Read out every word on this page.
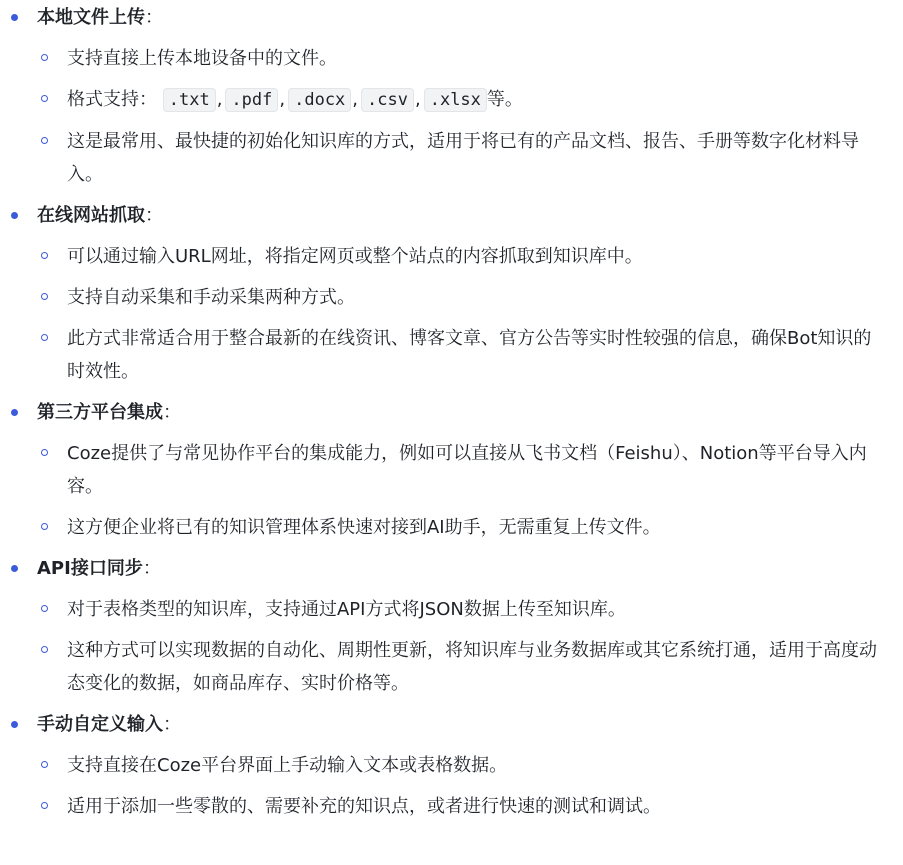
本地文件上传：
支持直接上传本地设备中的文件。
格式支持： .txt , .pdf , .docx , .csv , .xlsx 等。
这是最常用、最快捷的初始化知识库的方式，适用于将已有的产品文档、报告、手册等数字化材料导入。
在线网站抓取：
可以通过输入URL网址，将指定网页或整个站点的内容抓取到知识库中。
支持自动采集和手动采集两种方式。
此方式非常适合用于整合最新的在线资讯、博客文章、官方公告等实时性较强的信息，确保Bot知识的时效性。
第三方平台集成：
Coze提供了与常见协作平台的集成能力，例如可以直接从飞书文档（Feishu）、Notion等平台导入内容。
这方便企业将已有的知识管理体系快速对接到AI助手，无需重复上传文件。
API接口同步：
对于表格类型的知识库，支持通过API方式将JSON数据上传至知识库。
这种方式可以实现数据的自动化、周期性更新，将知识库与业务数据库或其它系统打通，适用于高度动态变化的数据，如商品库存、实时价格等。
手动自定义输入：
支持直接在Coze平台界面上手动输入文本或表格数据。
适用于添加一些零散的、需要补充的知识点，或者进行快速的测试和调试。
